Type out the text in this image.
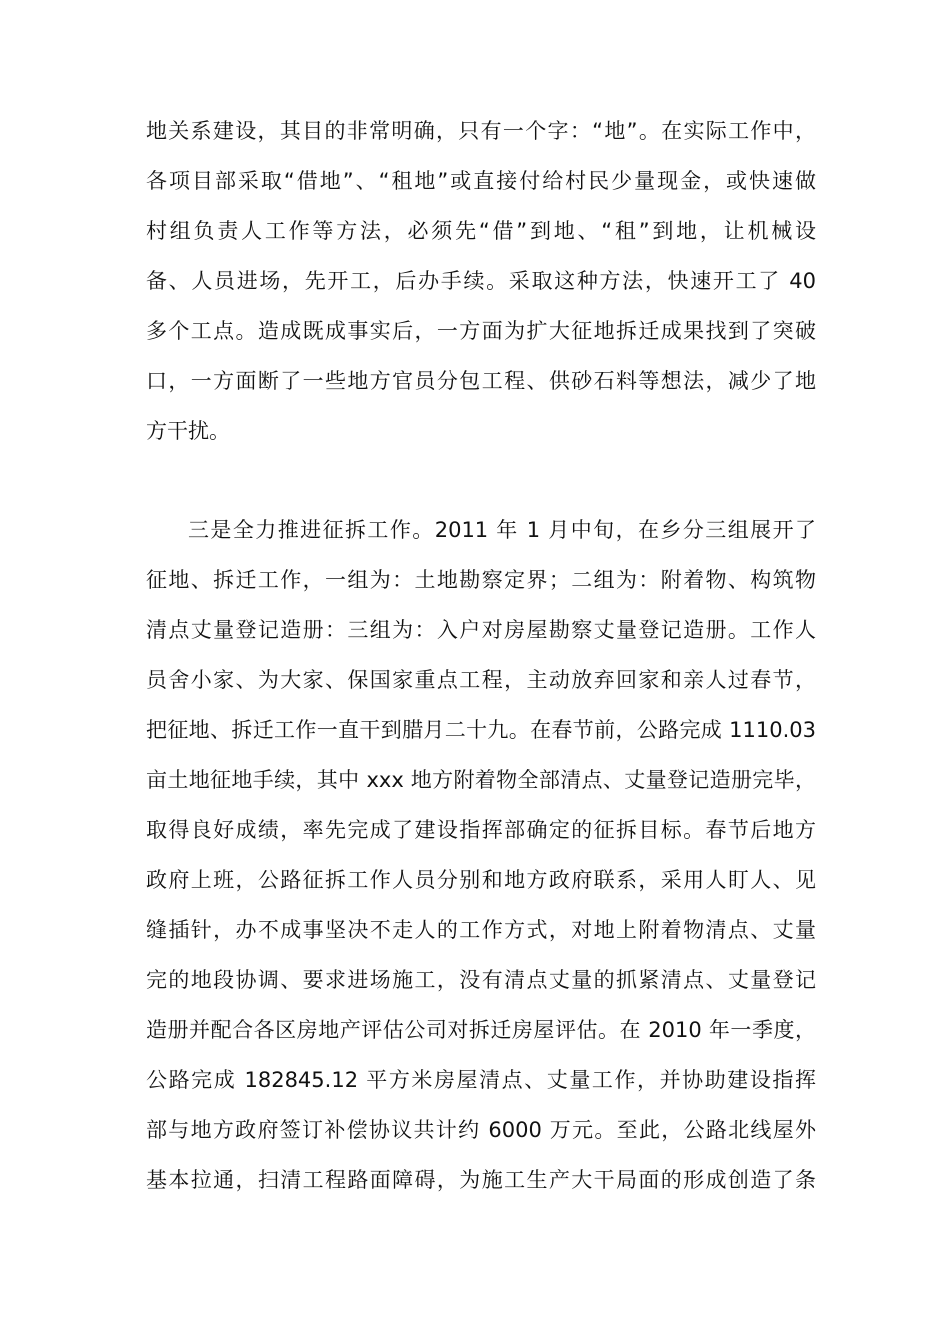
地关系建设，其目的非常明确，只有一个字：“地”。在实际工作中，

各项目部采取“借地”、“租地”或直接付给村民少量现金，或快速做

村组负责人工作等方法，必须先“借”到地、“租”到地，让机械设

备、人员进场，先开工，后办手续。采取这种方法，快速开工了 40

多个工点。造成既成事实后，一方面为扩大征地拆迁成果找到了突破

口，一方面断了一些地方官员分包工程、供砂石料等想法，减少了地

方干扰。

三是全力推进征拆工作。2011 年 1 月中旬，在乡分三组展开了

征地、拆迁工作，一组为：土地勘察定界；二组为：附着物、构筑物

清点丈量登记造册：三组为：入户对房屋勘察丈量登记造册。工作人

员舍小家、为大家、保国家重点工程，主动放弃回家和亲人过春节，

把征地、拆迁工作一直干到腊月二十九。在春节前，公路完成 1110.03

亩土地征地手续，其中 xxx 地方附着物全部清点、丈量登记造册完毕，

取得良好成绩，率先完成了建设指挥部确定的征拆目标。春节后地方

政府上班，公路征拆工作人员分别和地方政府联系，采用人盯人、见

缝插针，办不成事坚决不走人的工作方式，对地上附着物清点、丈量

完的地段协调、要求进场施工，没有清点丈量的抓紧清点、丈量登记

造册并配合各区房地产评估公司对拆迁房屋评估。在 2010 年一季度，

公路完成 182845.12 平方米房屋清点、丈量工作，并协助建设指挥

部与地方政府签订补偿协议共计约 6000 万元。至此，公路北线屋外

基本拉通，扫清工程路面障碍，为施工生产大干局面的形成创造了条
